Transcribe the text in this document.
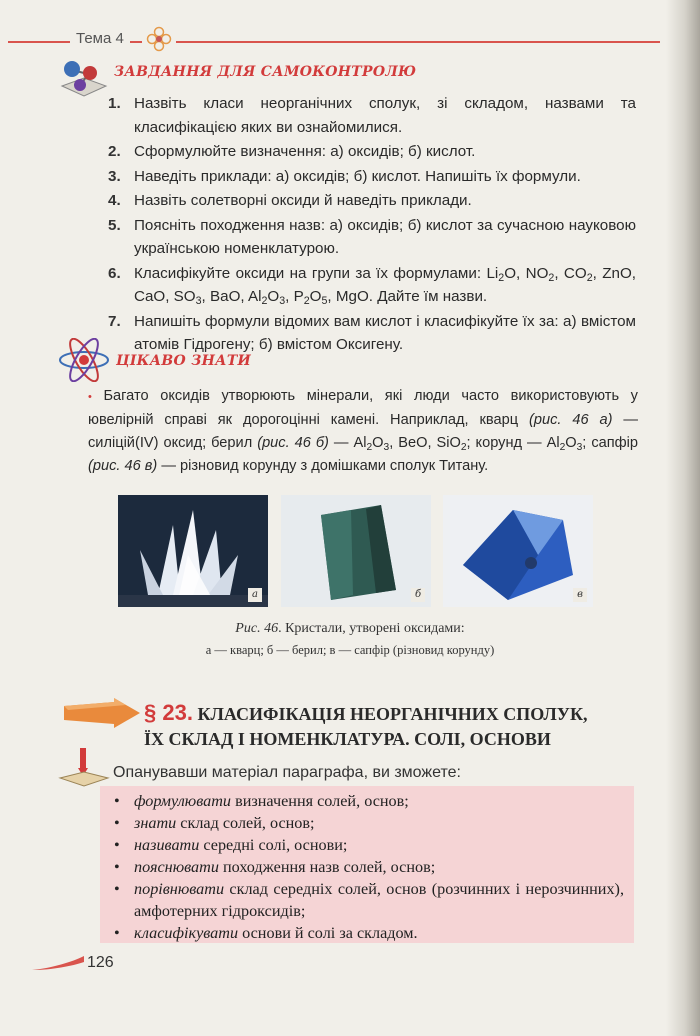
Тема 4
ЗАВДАННЯ ДЛЯ САМОКОНТРОЛЮ
1. Назвіть класи неорганічних сполук, зі складом, назвами та класифікацією яких ви ознайомилися.
2. Сформулюйте визначення: а) оксидів; б) кислот.
3. Наведіть приклади: а) оксидів; б) кислот. Напишіть їх формули.
4. Назвіть солетворні оксиди й наведіть приклади.
5. Поясніть походження назв: а) оксидів; б) кислот за сучасною науковою українською номенклатурою.
6. Класифікуйте оксиди на групи за їх формулами: $Li_2O$, $NO_2$, $CO_2$, ZnO, CaO, $SO_3$, BaO, $Al_2O_3$, $P_2O_5$, MgO. Дайте їм назви.
7. Напишіть формули відомих вам кислот і класифікуйте їх за: а) вмістом атомів Гідрогену; б) вмістом Оксигену.
ЦІКАВО ЗНАТИ
• Багато оксидів утворюють мінерали, які люди часто використовують у ювелірній справі як дорогоцінні камені. Наприклад, кварц (рис. 46 а) — силіцій(IV) оксид; берил (рис. 46 б) — $Al_2O_3$, BeO, SiO$_2$; корунд — $Al_2O_3$; сапфір (рис. 46 в) — різновид корунду з домішками сполук Титану.
а	б	в
Рис. 46. Кристали, утворені оксидами:
а — кварц; б — берил; в — сапфір (різновид корунду)
§ 23. КЛАСИФІКАЦІЯ НЕОРГАНІЧНИХ СПОЛУК,
ЇХ СКЛАД І НОМЕНКЛАТУРА. СОЛІ, ОСНОВИ
Опанувавши матеріал параграфа, ви зможете:
• формулювати визначення солей, основ;
• знати склад солей, основ;
• називати середні солі, основи;
• пояснювати походження назв солей, основ;
• порівнювати склад середніх солей, основ (розчинних і нерозчинних), амфотерних гідроксидів;
• класифікувати основи й солі за складом.
126
